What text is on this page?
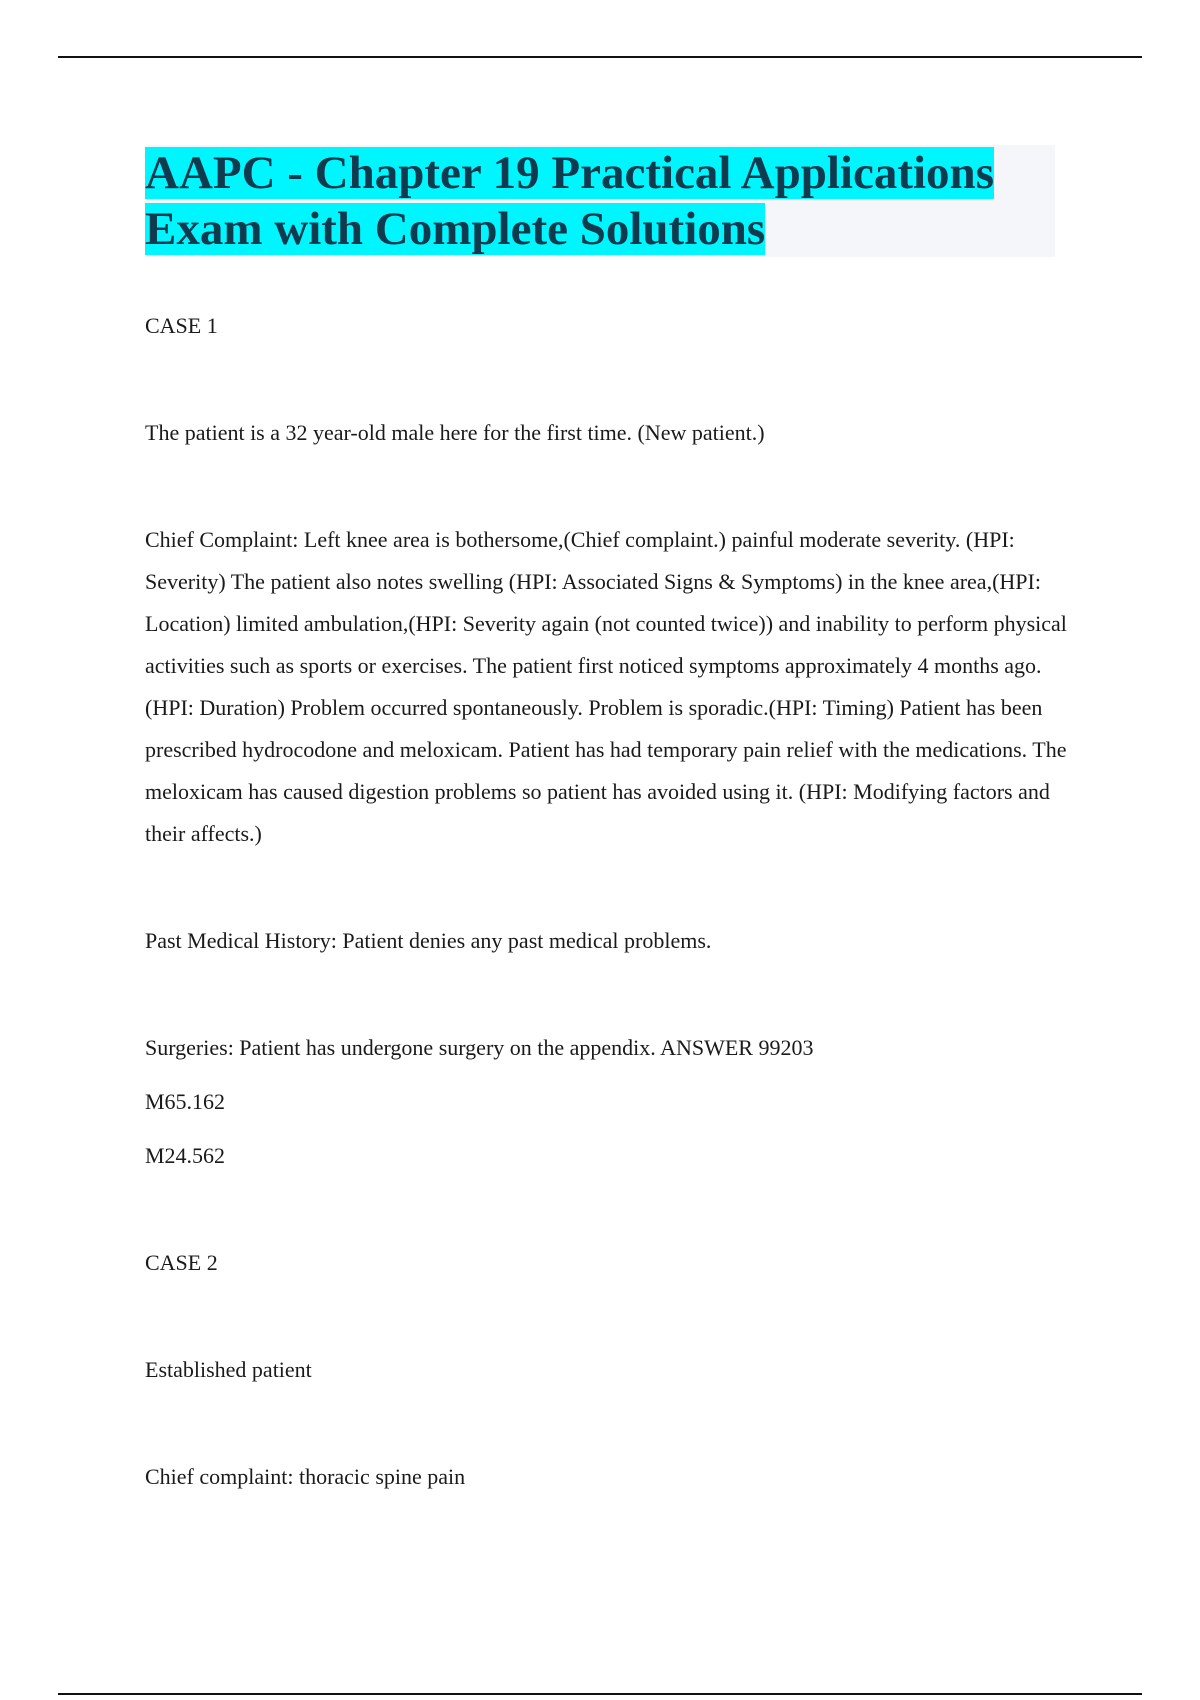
AAPC - Chapter 19 Practical Applications Exam with Complete Solutions

CASE 1

The patient is a 32 year-old male here for the first time. (New patient.)

Chief Complaint: Left knee area is bothersome,(Chief complaint.) painful moderate severity. (HPI: Severity) The patient also notes swelling (HPI: Associated Signs & Symptoms) in the knee area,(HPI: Location) limited ambulation,(HPI: Severity again (not counted twice)) and inability to perform physical activities such as sports or exercises. The patient first noticed symptoms approximately 4 months ago. (HPI: Duration) Problem occurred spontaneously. Problem is sporadic.(HPI: Timing) Patient has been prescribed hydrocodone and meloxicam. Patient has had temporary pain relief with the medications. The meloxicam has caused digestion problems so patient has avoided using it. (HPI: Modifying factors and their affects.)

Past Medical History: Patient denies any past medical problems.

Surgeries: Patient has undergone surgery on the appendix. ANSWER 99203

M65.162

M24.562

CASE 2

Established patient

Chief complaint: thoracic spine pain
